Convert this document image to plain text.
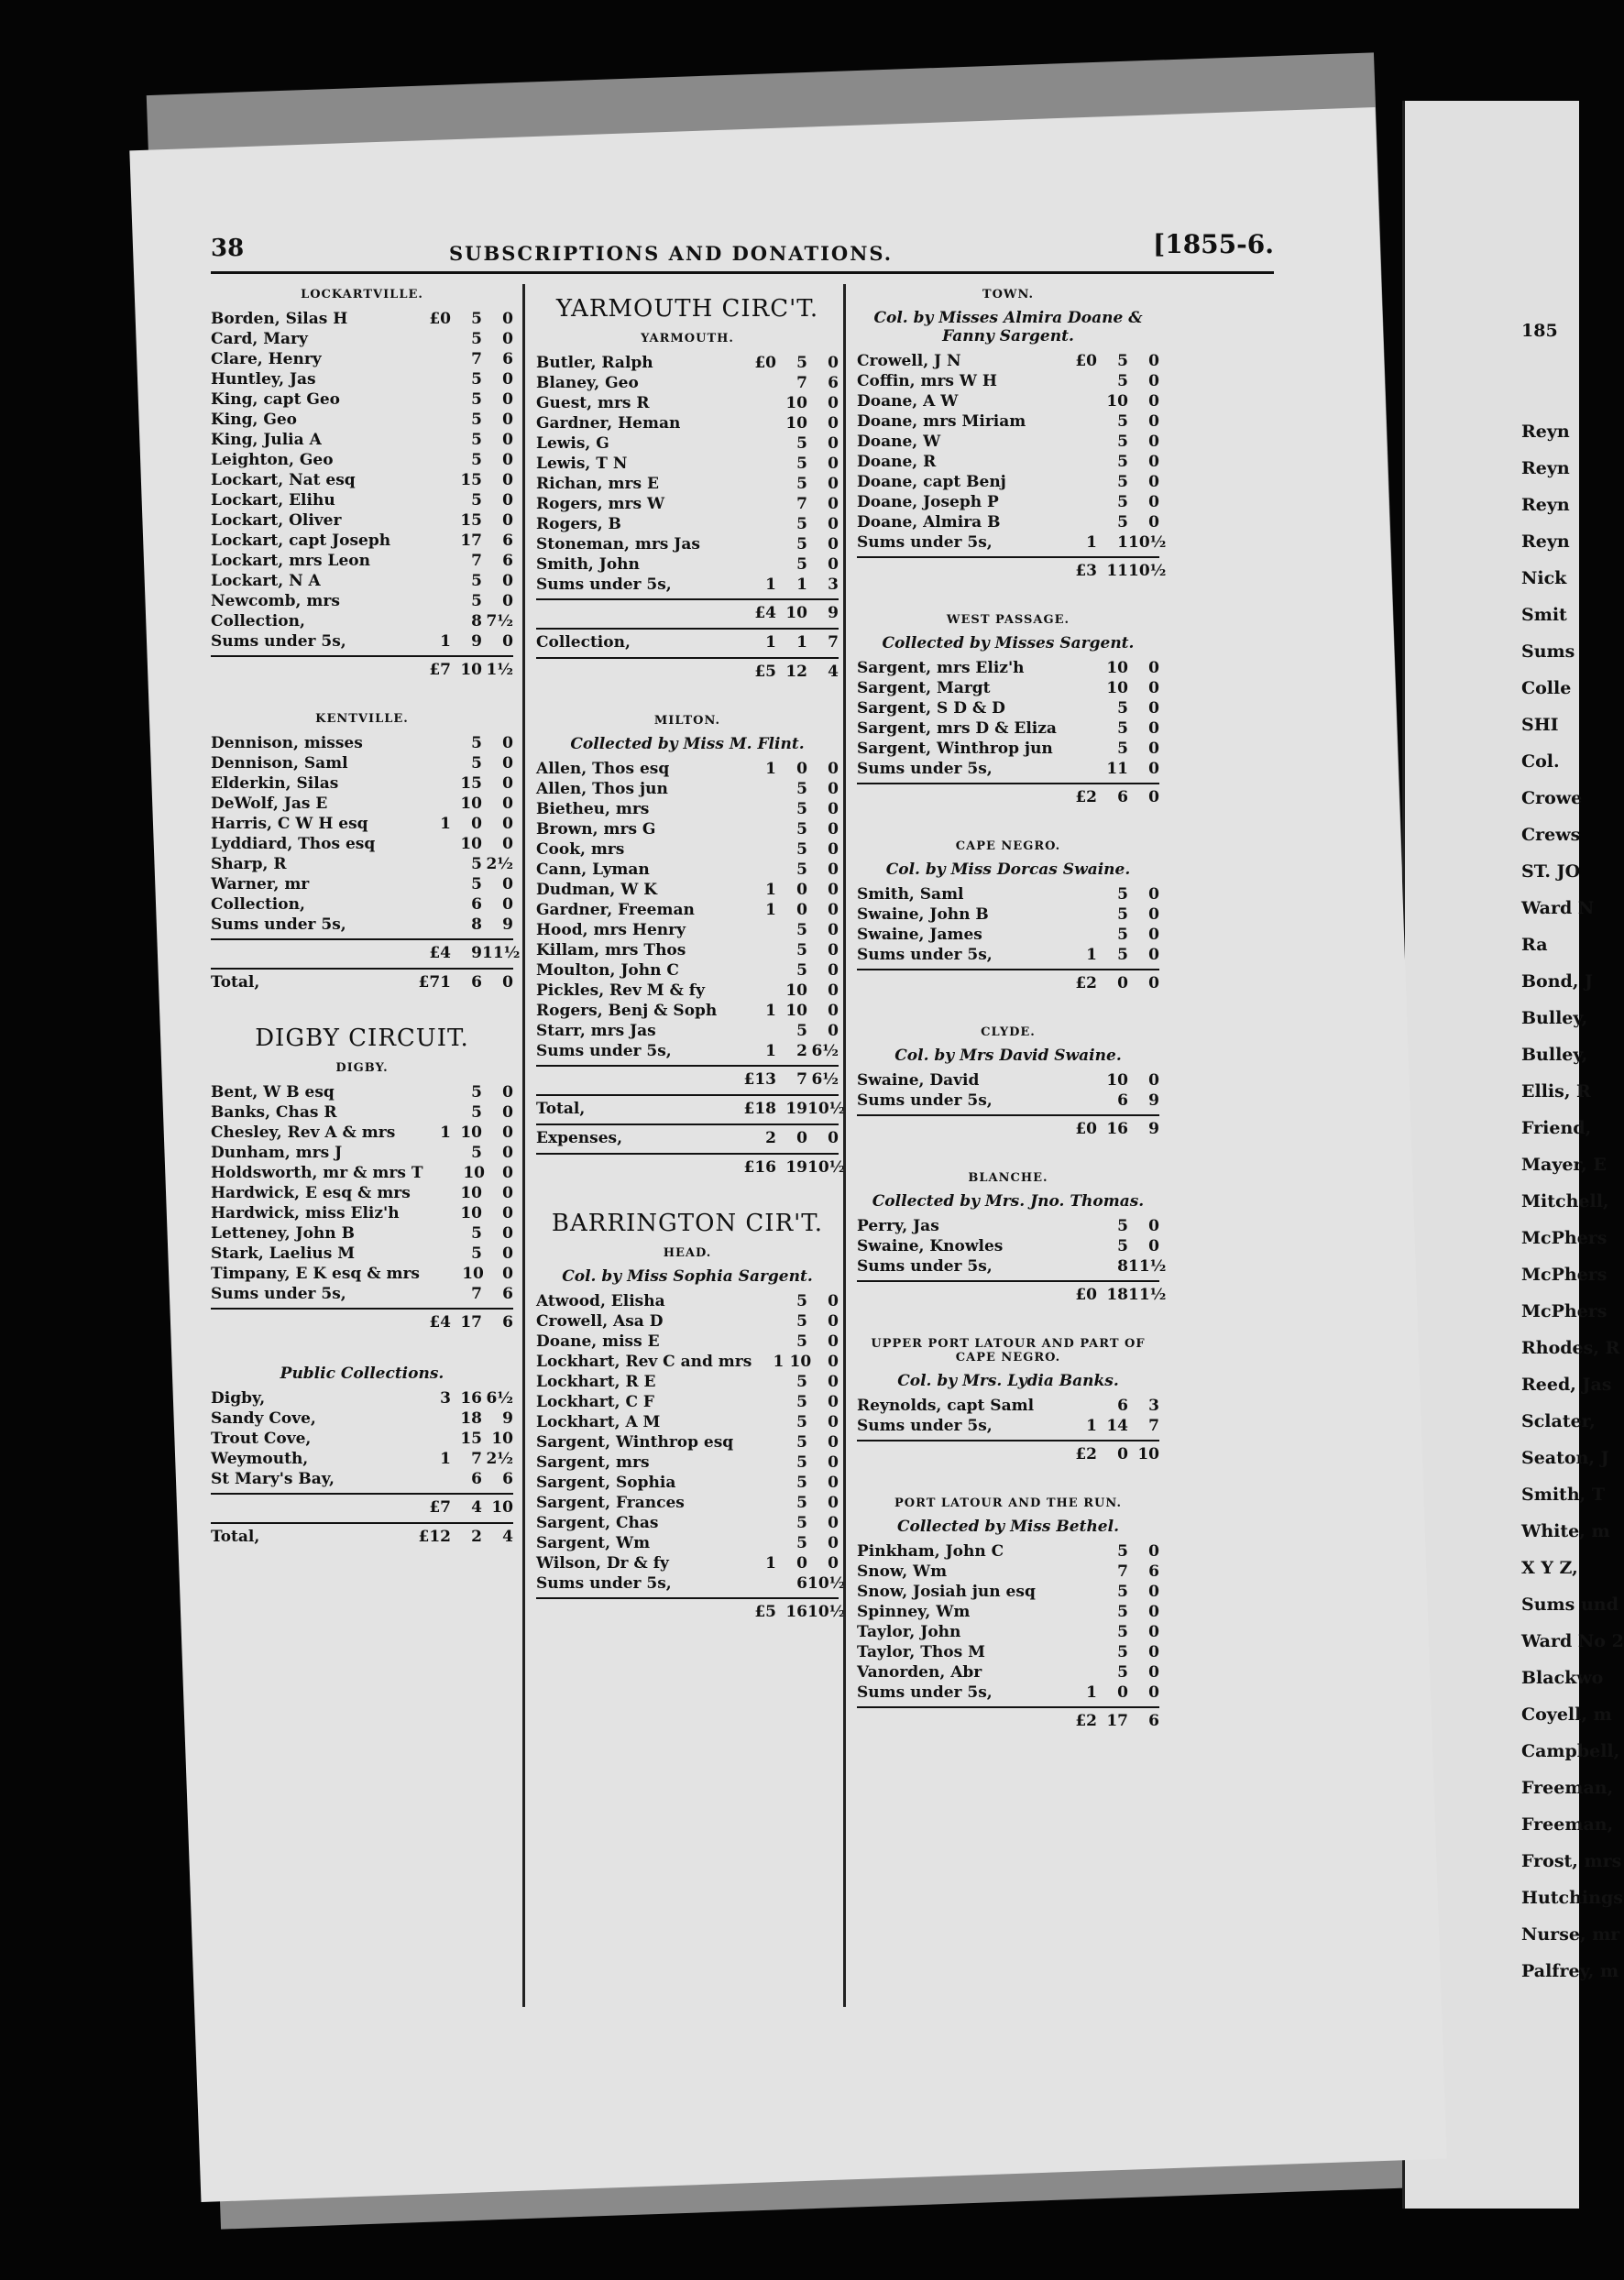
38	SUBSCRIPTIONS AND DONATIONS.	[1855-6.
LOCKARTVILLE.
Borden, Silas H	£0	5	0
Card, Mary	5	0
Clare, Henry	7	6
Huntley, Jas	5	0
King, capt Geo	5	0
King, Geo	5	0
King, Julia A	5	0
Leighton, Geo	5	0
Lockart, Nat esq	15	0
Lockart, Elihu	5	0
Lockart, Oliver	15	0
Lockart, capt Joseph	17	6
Lockart, mrs Leon	7	6
Lockart, N A	5	0
Newcomb, mrs	5	0
Collection,	8 7½
Sums under 5s,	1	9	0
£7 10 1½
KENTVILLE.
Dennison, misses	5	0
Dennison, Saml	5	0
Elderkin, Silas	15	0
DeWolf, Jas E	10	0
Harris, C W H esq	1	0	0
Lyddiard, Thos esq	10	0
Sharp, R	5 2½
Warner, mr	5	0
Collection,	6	0
Sums under 5s,	8	9
£4	9 11½
Total,	£71	6	0
DIGBY CIRCUIT.
DIGBY.
Bent, W B esq	5	0
Banks, Chas R	5	0
Chesley, Rev A & mrs	1 10	0
Dunham, mrs J	5	0
Holdsworth, mr & mrs T	10	0
Hardwick, E esq & mrs	10	0
Hardwick, miss Eliz'h	10	0
Letteney, John B	5	0
Stark, Laelius M	5	0
Timpany, E K esq & mrs	10	0
Sums under 5s,	7	6
£4 17	6
Public Collections.
Digby,	3 16 6½
Sandy Cove,	18	9
Trout Cove,	15 10
Weymouth,	1	7 2½
St Mary's Bay,	6	6
£7	4 10
Total,	£12	2	4
YARMOUTH CIRC'T.
YARMOUTH.
Butler, Ralph	£0	5	0
Blaney, Geo	7	6
Guest, mrs R	10	0
Gardner, Heman	10	0
Lewis, G	5	0
Lewis, T N	5	0
Richan, mrs E	5	0
Rogers, mrs W	7	0
Rogers, B	5	0
Stoneman, mrs Jas	5	0
Smith, John	5	0
Sums under 5s,	1	1	3
£4 10	9
Collection,	1	1	7
£5 12	4
MILTON.
Collected by Miss M. Flint.
Allen, Thos esq	1	0	0
Allen, Thos jun	5	0
Bietheu, mrs	5	0
Brown, mrs G	5	0
Cook, mrs	5	0
Cann, Lyman	5	0
Dudman, W K	1	0	0
Gardner, Freeman	1	0	0
Hood, mrs Henry	5	0
Killam, mrs Thos	5	0
Moulton, John C	5	0
Pickles, Rev M & fy	10	0
Rogers, Benj & Soph	1 10	0
Starr, mrs Jas	5	0
Sums under 5s,	1	2 6½
£13	7 6½
Total,	£18 19 10½
Expenses,	2	0	0
£16 19 10½
BARRINGTON CIR'T.
HEAD.
Col. by Miss Sophia Sargent.
Atwood, Elisha	5	0
Crowell, Asa D	5	0
Doane, miss E	5	0
Lockhart, Rev C and mrs	1 10	0
Lockhart, R E	5	0
Lockhart, C F	5	0
Lockhart, A M	5	0
Sargent, Winthrop esq	5	0
Sargent, mrs	5	0
Sargent, Sophia	5	0
Sargent, Frances	5	0
Sargent, Chas	5	0
Sargent, Wm	5	0
Wilson, Dr & fy	1	0	0
Sums under 5s,	6 10½
£5 16 10½
TOWN.
Col. by Misses Almira Doane & Fanny Sargent.
Crowell, J N	£0	5	0
Coffin, mrs W H	5	0
Doane, A W	10	0
Doane, mrs Miriam	5	0
Doane, W	5	0
Doane, R	5	0
Doane, capt Benj	5	0
Doane, Joseph P	5	0
Doane, Almira B	5	0
Sums under 5s,	1	1 10½
£3 11 10½
WEST PASSAGE.
Collected by Misses Sargent.
Sargent, mrs Eliz'h	10	0
Sargent, Margt	10	0
Sargent, S D & D	5	0
Sargent, mrs D & Eliza	5	0
Sargent, Winthrop jun	5	0
Sums under 5s,	11	0
£2	6	0
CAPE NEGRO.
Col. by Miss Dorcas Swaine.
Smith, Saml	5	0
Swaine, John B	5	0
Swaine, James	5	0
Sums under 5s,	1	5	0
£2	0	0
CLYDE.
Col. by Mrs David Swaine.
Swaine, David	10	0
Sums under 5s,	6	9
£0 16	9
BLANCHE.
Collected by Mrs. Jno. Thomas.
Perry, Jas	5	0
Swaine, Knowles	5	0
Sums under 5s,	8 11½
£0 18 11½
UPPER PORT LATOUR AND PART OF CAPE NEGRO.
Col. by Mrs. Lydia Banks.
Reynolds, capt Saml	6	3
Sums under 5s,	1 14	7
£2	0 10
PORT LATOUR AND THE RUN.
Collected by Miss Bethel.
Pinkham, John C	5	0
Snow, Wm	7	6
Snow, Josiah jun esq	5	0
Spinney, Wm	5	0
Taylor, John	5	0
Taylor, Thos M	5	0
Vanorden, Abr	5	0
Sums under 5s,	1	0	0
£2 17	6
185
Reyn
Reyn
Reyn
Reyn
Nick
Smit
Sums
Colle
SHI
Col.
Crowe
Crews
ST. JO
Ward N
Ra
Bond, J
Bulley,
Bulley,
Ellis, R
Friend,
Mayer, E
Mitchell,
McPhers
McPhers
McPhers
Rhodes, R
Reed, Jas
Sclater,
Seaton, J
Smith, T
White, m
X Y Z,
Sums und
Ward No 2
Blackwo
Coyell, m
Campbell,
Freeman,
Freeman,
Frost, mrs
Hutchings
Nurse, mr
Palfrey, m
